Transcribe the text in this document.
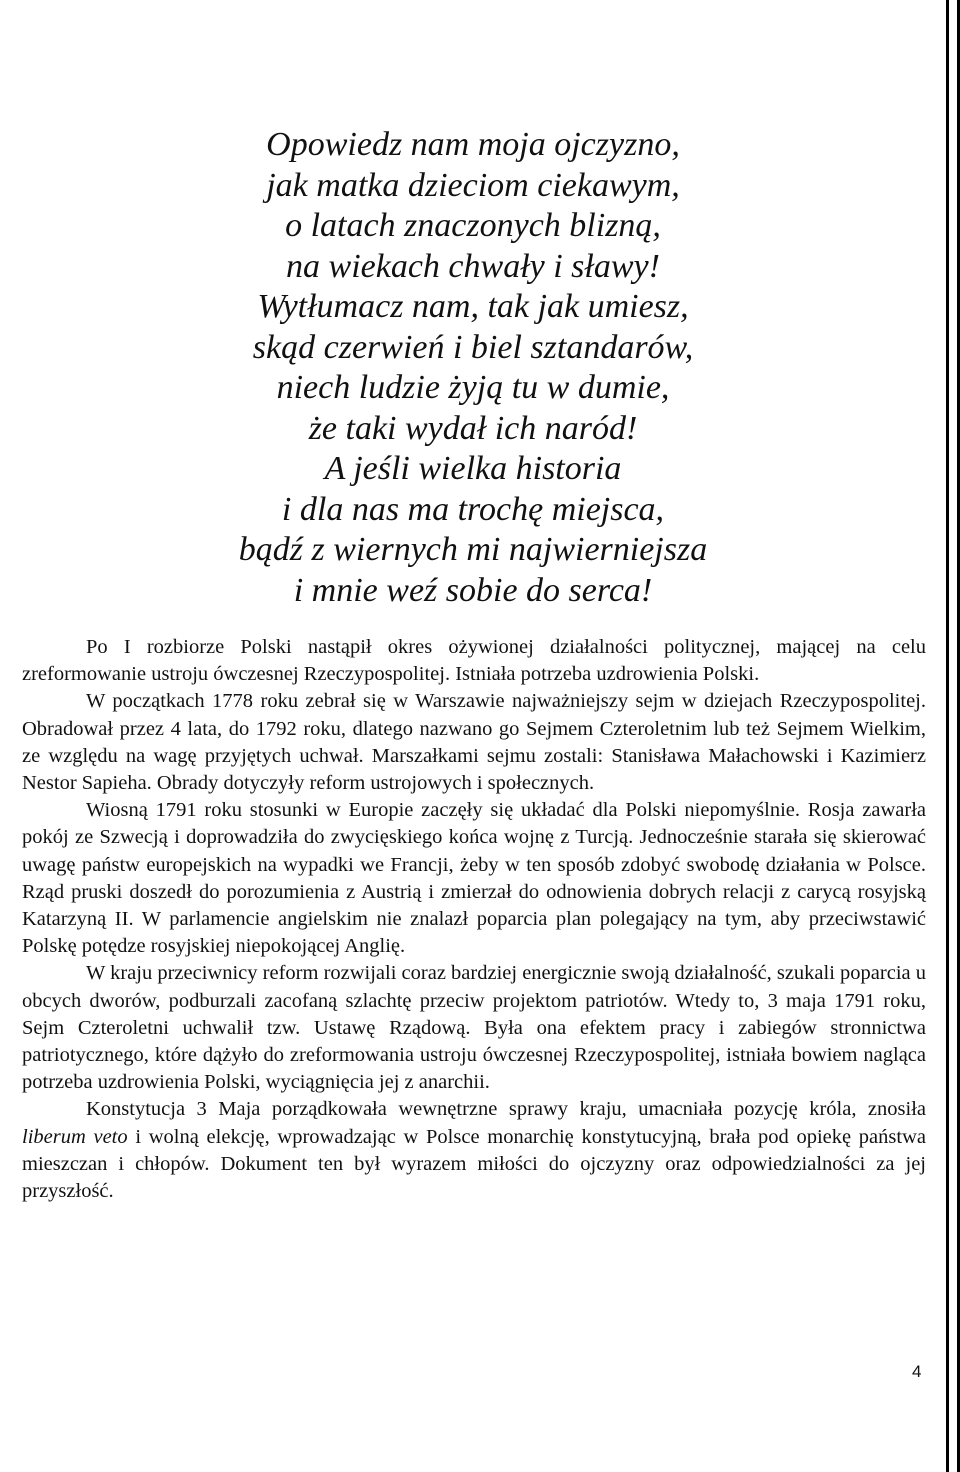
Opowiedz nam moja ojczyzno,
jak matka dzieciom ciekawym,
o latach znaczonych blizną,
na wiekach chwały i sławy!
Wytłumacz nam, tak jak umiesz,
skąd czerwień i biel sztandarów,
niech ludzie żyją tu w dumie,
że taki wydał ich naród!
A jeśli wielka historia
i dla nas ma trochę miejsca,
bądź z wiernych mi najwierniejsza
i mnie weź sobie do serca!

Po I rozbiorze Polski nastąpił okres ożywionej działalności politycznej, mającej na celu zreformowanie ustroju ówczesnej Rzeczypospolitej. Istniała potrzeba uzdrowienia Polski.

W początkach 1778 roku zebrał się w Warszawie najważniejszy sejm w dziejach Rzeczypospolitej. Obradował przez 4 lata, do 1792 roku, dlatego nazwano go Sejmem Czteroletnim lub też Sejmem Wielkim, ze względu na wagę przyjętych uchwał. Marszałkami sejmu zostali: Stanisława Małachowski i Kazimierz Nestor Sapieha. Obrady dotyczyły reform ustrojowych i społecznych.

Wiosną 1791 roku stosunki w Europie zaczęły się układać dla Polski niepomyślnie. Rosja zawarła pokój ze Szwecją i doprowadziła do zwycięskiego końca wojnę z Turcją. Jednocześnie starała się skierować uwagę państw europejskich na wypadki we Francji, żeby w ten sposób zdobyć swobodę działania w Polsce. Rząd pruski doszedł do porozumienia z Austrią i zmierzał do odnowienia dobrych relacji z carycą rosyjską Katarzyną II. W parlamencie angielskim nie znalazł poparcia plan polegający na tym, aby przeciwstawić Polskę potędze rosyjskiej niepokojącej Anglię.

W kraju przeciwnicy reform rozwijali coraz bardziej energicznie swoją działalność, szukali poparcia u obcych dworów, podburzali zacofaną szlachtę przeciw projektom patriotów. Wtedy to, 3 maja 1791 roku, Sejm Czteroletni uchwalił tzw. Ustawę Rządową. Była ona efektem pracy i zabiegów stronnictwa patriotycznego, które dążyło do zreformowania ustroju ówczesnej Rzeczypospolitej, istniała bowiem nagląca potrzeba uzdrowienia Polski, wyciągnięcia jej z anarchii.

Konstytucja 3 Maja porządkowała wewnętrzne sprawy kraju, umacniała pozycję króla, znosiła liberum veto i wolną elekcję, wprowadzając w Polsce monarchię konstytucyjną, brała pod opiekę państwa mieszczan i chłopów. Dokument ten był wyrazem miłości do ojczyzny oraz odpowiedzialności za jej przyszłość.

4
